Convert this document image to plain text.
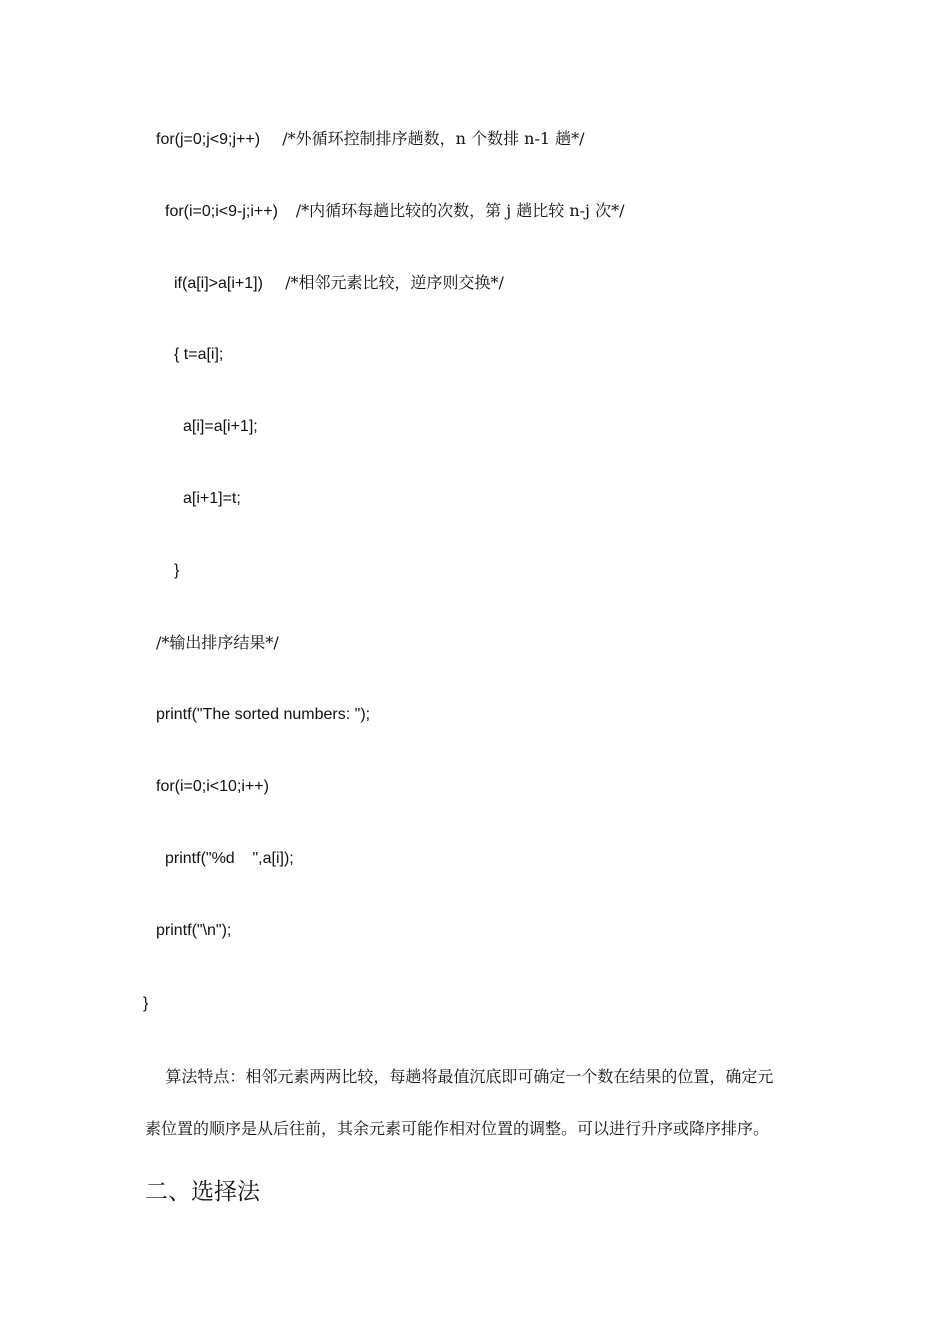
for(j=0;j<9;j++)     /*外循环控制排序趟数，n 个数排 n-1 趟*/
for(i=0;i<9-j;i++)    /*内循环每趟比较的次数，第 j 趟比较 n-j 次*/
if(a[i]>a[i+1])     /*相邻元素比较，逆序则交换*/
{ t=a[i];
a[i]=a[i+1];
a[i+1]=t;
}
/*输出排序结果*/
printf("The sorted numbers: ");
for(i=0;i<10;i++)
printf("%d    ",a[i]);
printf("\n");
}
算法特点：相邻元素两两比较，每趟将最值沉底即可确定一个数在结果的位置，确定元
素位置的顺序是从后往前，其余元素可能作相对位置的调整。可以进行升序或降序排序。
二、选择法
